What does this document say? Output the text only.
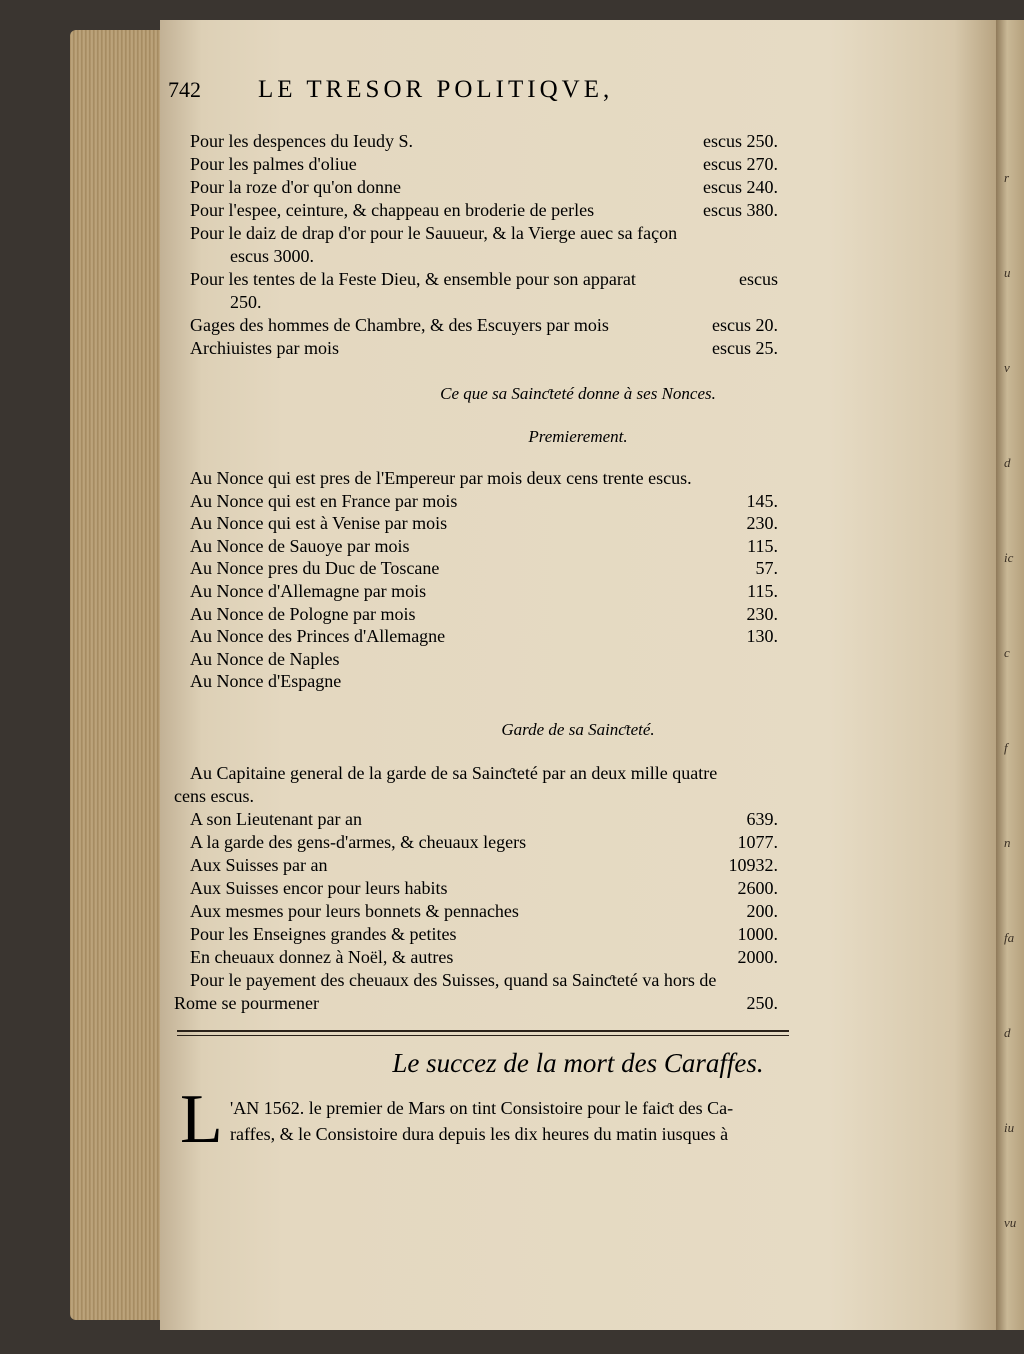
r
u
v
d
ic
c
f
n
fa
d
iu
vu
742	LE TRESOR POLITIQVE,
Pour les despences du Ieudy S.	escus 250.
Pour les palmes d'oliue	escus 270.
Pour la roze d'or qu'on donne	escus 240.
Pour l'espee, ceinture, & chappeau en broderie de perles	escus 380.
Pour le daiz de drap d'or pour le Sauueur, & la Vierge auec sa façon
escus 3000.
Pour les tentes de la Feste Dieu, & ensemble pour son apparat	escus
250.
Gages des hommes de Chambre, & des Escuyers par mois	escus 20.
Archiuistes par mois	escus 25.
Ce que sa Sainƈteté donne à ses Nonces.
Premierement.
Au Nonce qui est pres de l'Empereur par mois deux cens trente escus.
Au Nonce qui est en France par mois	145.
Au Nonce qui est à Venise par mois	230.
Au Nonce de Sauoye par mois	115.
Au Nonce pres du Duc de Toscane	57.
Au Nonce d'Allemagne par mois	115.
Au Nonce de Pologne par mois	230.
Au Nonce des Princes d'Allemagne	130.
Au Nonce de Naples
Au Nonce d'Espagne
Garde de sa Sainƈteté.
Au Capitaine general de la garde de sa Sainƈteté par an deux mille quatre
cens escus.
A son Lieutenant par an	639.
A la garde des gens-d'armes, & cheuaux legers	1077.
Aux Suisses par an	10932.
Aux Suisses encor pour leurs habits	2600.
Aux mesmes pour leurs bonnets & pennaches	200.
Pour les Enseignes grandes & petites	1000.
En cheuaux donnez à Noël, & autres	2000.
Pour le payement des cheuaux des Suisses, quand sa Sainƈteté va hors de
Rome se pourmener	250.
Le succez de la mort des Caraffes.
L 'AN 1562. le premier de Mars on tint Consistoire pour le faiƈt des Ca-
raffes, & le Consistoire dura depuis les dix heures du matin iusques à
